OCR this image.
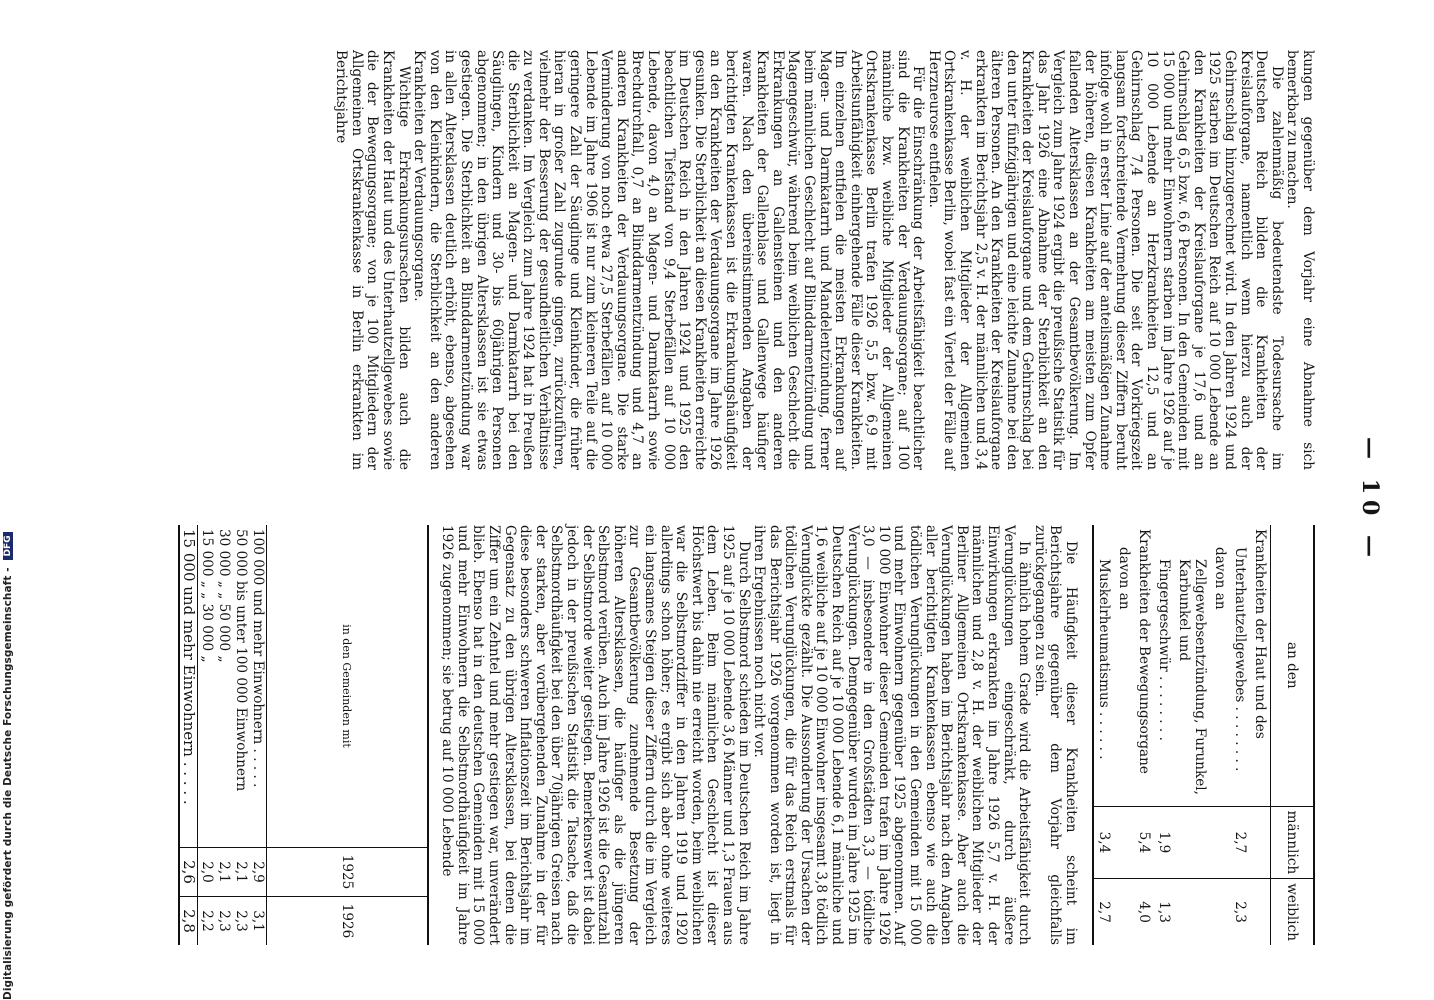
— 10 —

kungen gegenüber dem Vorjahr eine Abnahme sich bemerkbar zu machen.

Die zahlenmäßig bedeutendste Todesursache im Deutschen Reich bilden die Krankheiten der Kreislauforgane, namentlich wenn hierzu auch der Gehirnschlag hinzugerechnet wird. In den Jahren 1924 und 1925 starben im Deutschen Reich auf 10 000 Lebende an den Krankheiten der Kreislauforgane je 17,6 und an Gehirnschlag 6,5 bzw. 6,6 Personen. In den Gemeinden mit 15 000 und mehr Einwohnern starben im Jahre 1926 auf je 10 000 Lebende an Herzkrankheiten 12,5 und an Gehirnschlag 7,4 Personen. Die seit der Vorkriegszeit langsam fortschreitende Vermehrung dieser Ziffern beruht infolge wohl in erster Linie auf der anteilsmäßigen Zunahme der höheren, diesen Krankheiten am meisten zum Opfer fallenden Altersklassen an der Gesamtbevölkerung. Im Vergleich zum Jahre 1924 ergibt die preußische Statistik für das Jahr 1926 eine Abnahme der Sterblichkeit an den Krankheiten der Kreislauforgane und dem Gehirnschlag bei den unter fünfzigjährigen und eine leichte Zunahme bei den älteren Personen. An den Krankheiten der Kreislauforgane erkrankten im Berichtsjahr 2,5 v. H. der männlichen und 3,4 v. H. der weiblichen Mitglieder der Allgemeinen Ortskrankenkasse Berlin, wobei fast ein Viertel der Fälle auf Herzneurose entfielen.

Für die Einschränkung der Arbeitsfähigkeit beachtlicher sind die Krankheiten der Verdauungsorgane; auf 100 männliche bzw. weibliche Mitglieder der Allgemeinen Ortskrankenkasse Berlin trafen 1926 5,5 bzw. 6,9 mit Arbeitsunfähigkeit einhergehende Fälle dieser Krankheiten. Im einzelnen entfielen die meisten Erkrankungen auf Magen- und Darmkatarrh und Mandelentzündung, ferner beim männlichen Geschlecht auf Blinddarmentzündung und Magengeschwür, während beim weiblichen Geschlecht die Erkrankungen an Gallensteinen und den anderen Krankheiten der Gallenblase und Gallenwege häufiger waren. Nach den übereinstimmenden Angaben der berichtigten Krankenkassen ist die Erkrankungshäufigkeit an den Krankheiten der Verdauungsorgane im Jahre 1926 gesunken. Die Sterblichkeit an diesen Krankheiten erreichte im Deutschen Reich in den Jahren 1924 und 1925 den beachtlichen Tiefstand von 9,4 Sterbefällen auf 10 000 Lebende, davon 4,0 an Magen- und Darmkatarrh sowie Brechdurchfall, 0,7 an Blinddarmentzündung und 4,7 an anderen Krankheiten der Verdauungsorgane. Die starke Verminderung von noch etwa 27,5 Sterbefällen auf 10 000 Lebende im Jahre 1906 ist nur zum kleineren Teile auf die geringere Zahl der Säuglinge und Kleinkinder, die früher hieran in großer Zahl zugrunde gingen, zurückzuführen, vielmehr der Besserung der gesundheitlichen Verhältnisse zu verdanken. Im Vergleich zum Jahre 1924 hat in Preußen die Sterblichkeit an Magen- und Darmkatarrh bei den Säuglingen, Kindern und 30- bis 60jährigen Personen abgenommen; in den übrigen Altersklassen ist sie etwas gestiegen. Die Sterblichkeit an Blinddarmentzündung war in allen Altersklassen deutlich erhöht, ebenso, abgesehen von den Kleinkindern, die Sterblichkeit an den anderen Krankheiten der Verdauungsorgane.

Wichtige Erkrankungsursachen bilden auch die Krankheiten der Haut und des Unterhautzellgewebes sowie die der Bewegungsorgane; von je 100 Mitgliedern der Allgemeinen Ortskrankenkasse in Berlin erkrankten im Berichtsjahre

an den	männlich	weiblich
Krankheiten der Haut und des		
Unterhautzellgewebes . . . . . . . .	2,7	2,3
davon an		
Zellgewebsentzündung, Furunkel, Karbunkel und		
Fingergeschwür . . . . . . . .	1,9	1,3
Krankheiten der Bewegungsorgane	5,4	4,0
davon an		
Muskelrheumatismus . . . . . .	3,4	2,7

Die Häufigkeit dieser Krankheiten scheint im Berichtsjahre gegenüber dem Vorjahr gleichfalls zurückgegangen zu sein.

In ähnlich hohem Grade wird die Arbeitsfähigkeit durch Verunglückungen eingeschränkt, durch äußere Einwirkungen erkrankten im Jahre 1926 5,7 v. H. der männlichen und 2,8 v. H. der weiblichen Mitglieder der Berliner Allgemeinen Ortskrankenkasse. Aber auch die Verunglückungen haben im Berichtsjahr nach den Angaben aller berichtigten Krankenkassen ebenso wie auch die tödlichen Verunglückungen in den Gemeinden mit 15 000 und mehr Einwohnern gegenüber 1925 abgenommen. Auf 10 000 Einwohner dieser Gemeinden trafen im Jahre 1926 3,0 — insbesondere in den Großstädten 3,3 — tödliche Verunglückungen. Demgegenüber wurden im Jahre 1925 im Deutschen Reich auf je 10 000 Lebende 6,1 männliche und 1,6 weibliche auf je 10 000 Einwohner insgesamt 3,8 tödlich Verunglückte gezählt. Die Aussonderung der Ursachen der tödlichen Verunglückungen, die für das Reich erstmals für das Berichtsjahr 1926 vorgenommen worden ist, liegt in ihren Ergebnissen noch nicht vor.

Durch Selbstmord schieden im Deutschen Reich im Jahre 1925 auf je 10 000 Lebende 3,6 Männer und 1,3 Frauen aus dem Leben. Beim männlichen Geschlecht ist dieser Höchstwert bis dahin nie erreicht worden, beim weiblichen war die Selbstmordziffer in den Jahren 1919 und 1920 allerdings schon höher; es ergibt sich aber ohne weiteres ein langsames Steigen dieser Ziffern durch die im Vergleich zur Gesamtbevölkerung zunehmende Besetzung der höheren Altersklassen, die häufiger als die jüngeren Selbstmord verüben. Auch im Jahre 1926 ist die Gesamtzahl der Selbstmorde weiter gestiegen. Bemerkenswert ist dabei jedoch in der preußischen Statistik die Tatsache, daß die Selbstmordhäufigkeit bei den über 70jährigen Greisen nach der starken, aber vorübergehenden Zunahme in der für diese besonders schweren Inflationszeit im Berichtsjahr im Gegensatz zu den übrigen Altersklassen, bei denen die Ziffer um ein Zehntel und mehr gestiegen war, unverändert blieb. Ebenso hat in den deutschen Gemeinden mit 15 000 und mehr Einwohnern die Selbstmordhäufigkeit im Jahre 1926 zugenommen; sie betrug auf 10 000 Lebende

in den Gemeinden mit	1925	1926
100 000 und mehr Einwohnern . . . . .	2,9	3,1
50 000 bis unter 100 000 Einwohnern	2,1	2,3
30 000 „ „ 50 000 „	2,1	2,3
15 000 „ „ 30 000 „	2,0	2,2
15 000 und mehr Einwohnern . . . . .	2,6	2,8
Digitalisierung gefördert durch die Deutsche Forschungsgemeinschaft - DFG
